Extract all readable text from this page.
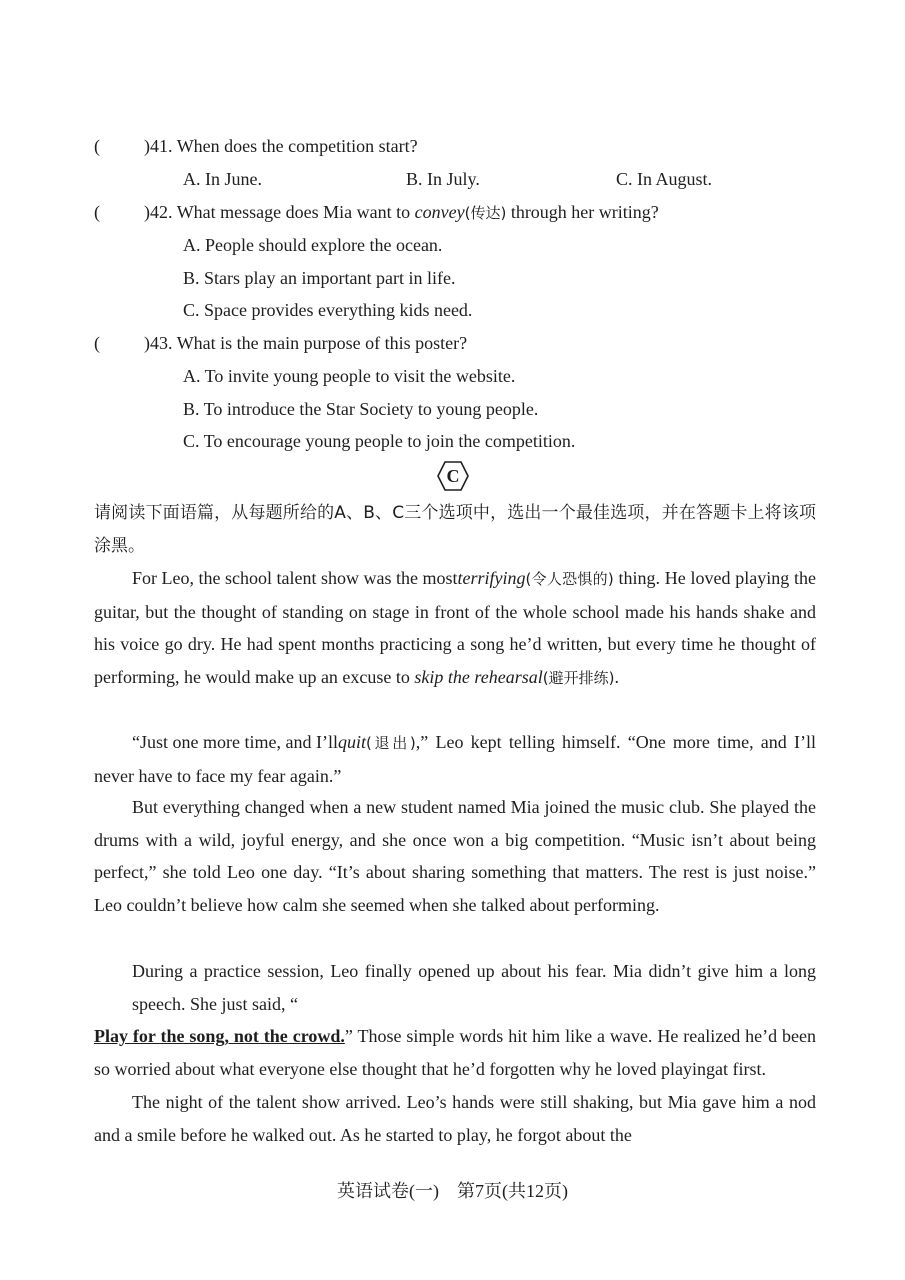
( )41. When does the competition start?
A. In June.	B. In July.	C. In August.
( )42. What message does Mia want to convey(传达) through her writing?
A. People should explore the ocean.
B. Stars play an important part in life.
C. Space provides everything kids need.
( )43. What is the main purpose of this poster?
A. To invite young people to visit the website.
B. To introduce the Star Society to young people.
C. To encourage young people to join the competition.
C
请阅读下面语篇，从每题所给的A、B、C三个选项中，选出一个最佳选项，并在答题卡上将该项涂黑。
For Leo, the school talent show was the mostterrifying(令人恐惧的) thing. He loved playing the guitar, but the thought of standing on stage in front of the whole school made his hands shake and his voice go dry. He had spent months practicing a song he’d written, but every time he thought of performing, he would make up an excuse to skip the rehearsal(避开排练).
“Just one more time, and I’llquit(退出),” Leo kept telling himself. “One more time, and I’ll never have to face my fear again.”
But everything changed when a new student named Mia joined the music club. She played the drums with a wild, joyful energy, and she once won a big competition. “Music isn’t about being perfect,” she told Leo one day. “It’s about sharing something that matters. The rest is just noise.” Leo couldn’t believe how calm she seemed when she talked about performing.
During a practice session, Leo finally opened up about his fear. Mia didn’t give him a long speech. She just said, “Play for the song, not the crowd.” Those simple words hit him like a wave. He realized he’d been so worried about what everyone else thought that he’d forgotten why he loved playingat first.
The night of the talent show arrived. Leo’s hands were still shaking, but Mia gave him a nod and a smile before he walked out. As he started to play, he forgot about the
英语试卷(一)　第7页(共12页)
